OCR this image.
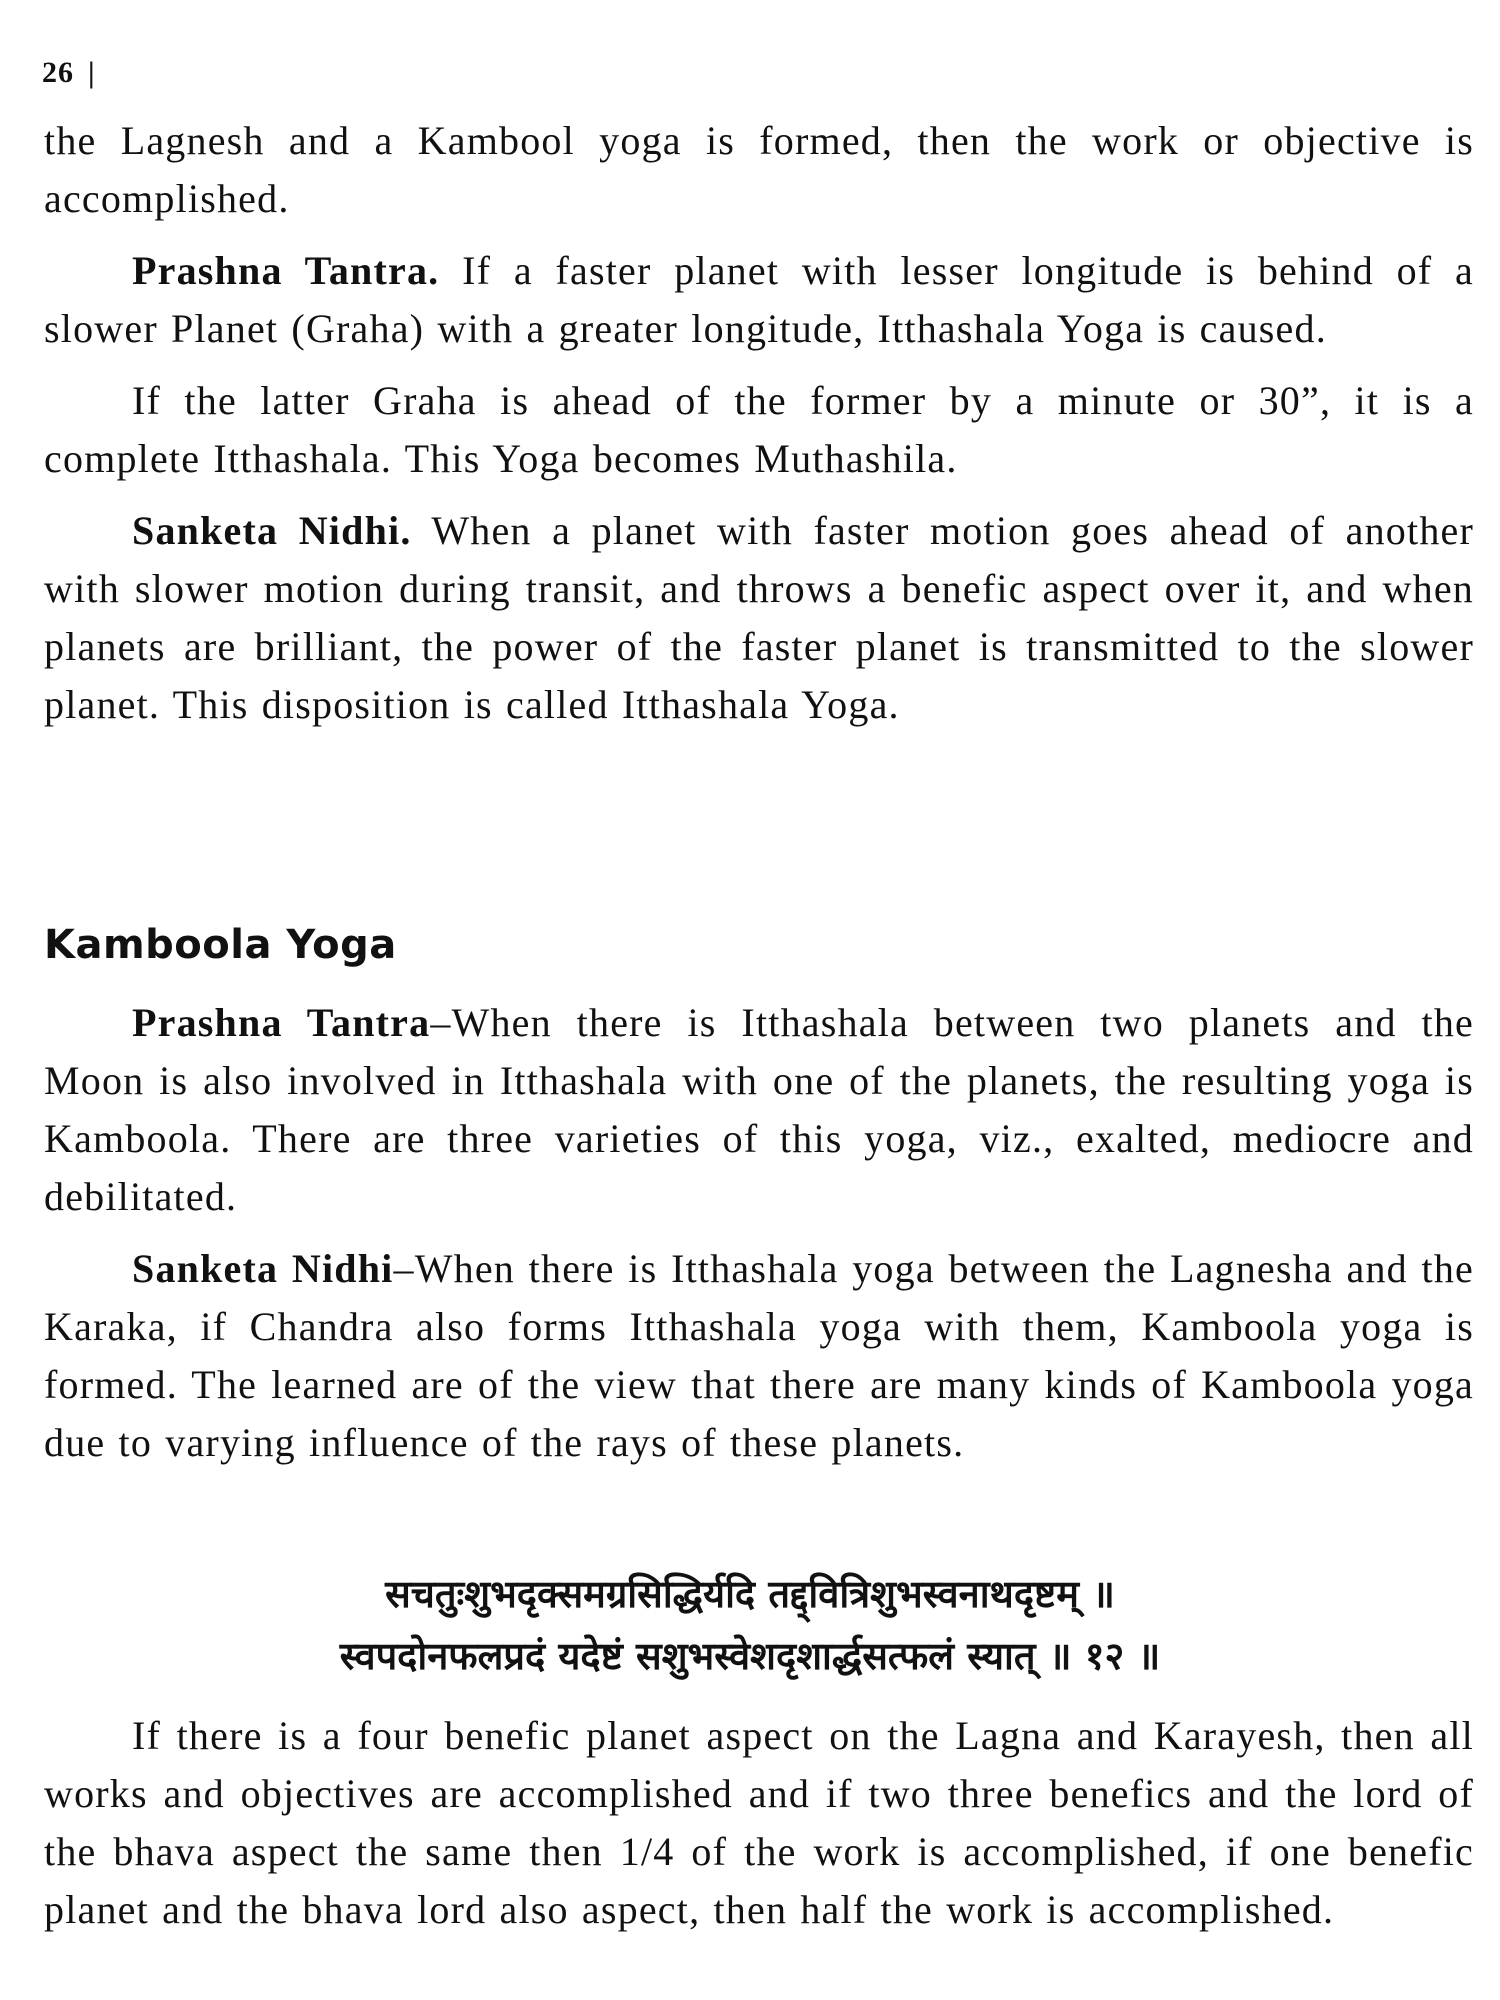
26 |

the Lagnesh and a Kambool yoga is formed, then the work or objective is accomplished.

Prashna Tantra. If a faster planet with lesser longitude is behind of a slower Planet (Graha) with a greater longitude, Itthashala Yoga is caused.

If the latter Graha is ahead of the former by a minute or 30”, it is a complete Itthashala. This Yoga becomes Muthashila.

Sanketa Nidhi. When a planet with faster motion goes ahead of another with slower motion during transit, and throws a benefic aspect over it, and when planets are brilliant, the power of the faster planet is transmitted to the slower planet. This disposition is called Itthashala Yoga.

Kamboola Yoga

Prashna Tantra–When there is Itthashala between two planets and the Moon is also involved in Itthashala with one of the planets, the resulting yoga is Kamboola. There are three varieties of this yoga, viz., exalted, mediocre and debilitated.

Sanketa Nidhi–When there is Itthashala yoga between the Lagnesha and the Karaka, if Chandra also forms Itthashala yoga with them, Kamboola yoga is formed. The learned are of the view that there are many kinds of Kamboola yoga due to varying influence of the rays of these planets.

सचतुःशुभदृक्समग्रसिद्धिर्यदि तद्द्वित्रिशुभस्वनाथदृष्टम् ॥
स्वपदोनफलप्रदं यदेष्टं सशुभस्वेशदृशार्द्धसत्फलं स्यात् ॥ १२ ॥

If there is a four benefic planet aspect on the Lagna and Karayesh, then all works and objectives are accomplished and if two three benefics and the lord of the bhava aspect the same then 1/4 of the work is accomplished, if one benefic planet and the bhava lord also aspect, then half the work is accomplished.
